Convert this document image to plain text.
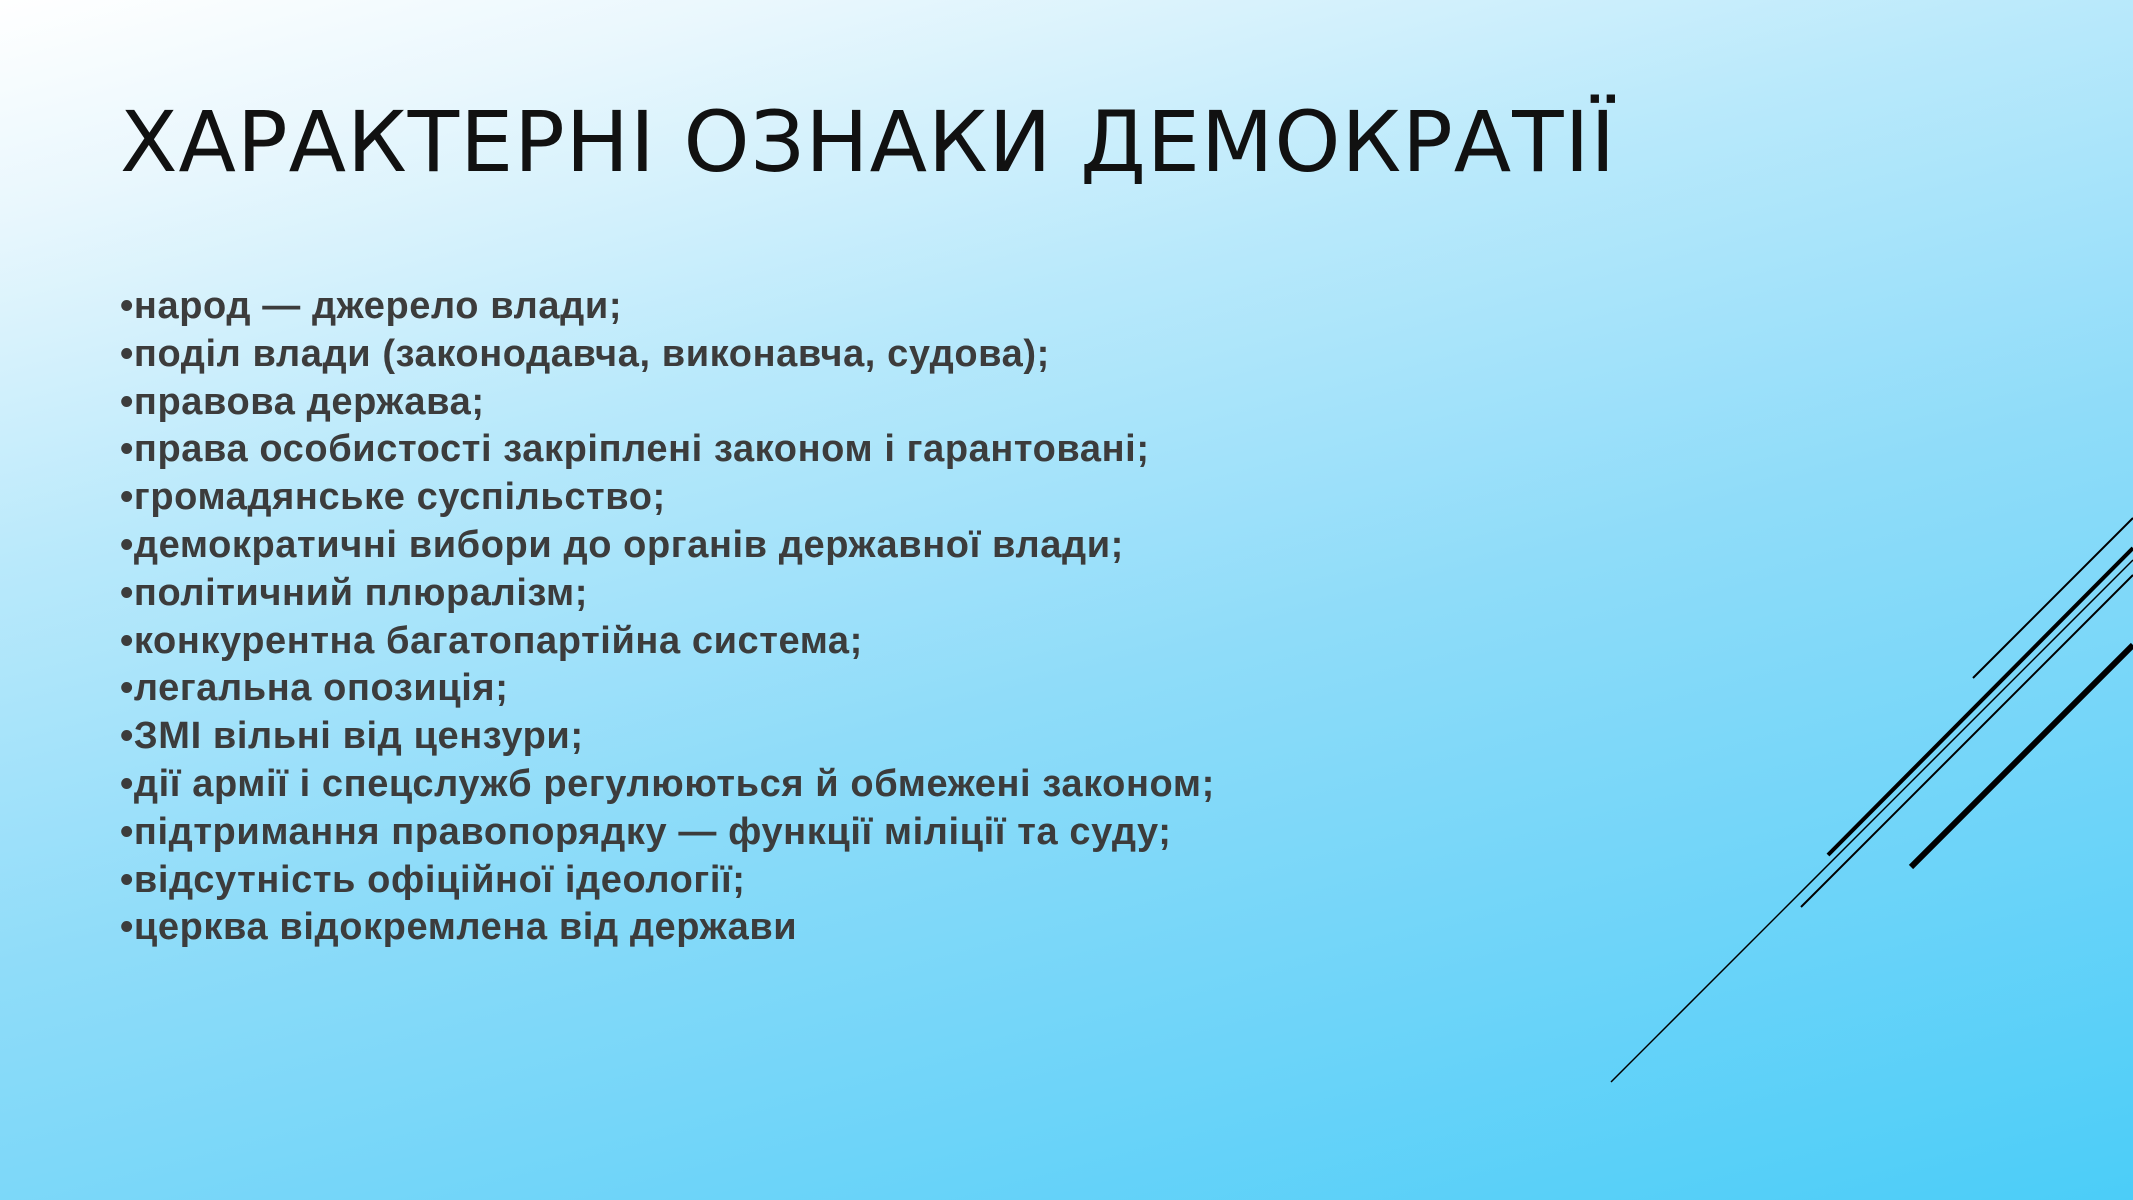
ХАРАКТЕРНІ ОЗНАКИ ДЕМОКРАТІЇ
•народ — джерело влади;
•поділ влади (законодавча, виконавча, судова);
•правова держава;
•права особистості закріплені законом і гарантовані;
•громадянське суспільство;
•демократичні вибори до органів державної влади;
•політичний плюралізм;
•конкурентна багатопартійна система;
•легальна опозиція;
•ЗМІ вільні від цензури;
•дії армії і спецслужб регулюються й обмежені законом;
•підтримання правопорядку — функції міліції та суду;
•відсутність офіційної ідеології;
•церква відокремлена від держави
